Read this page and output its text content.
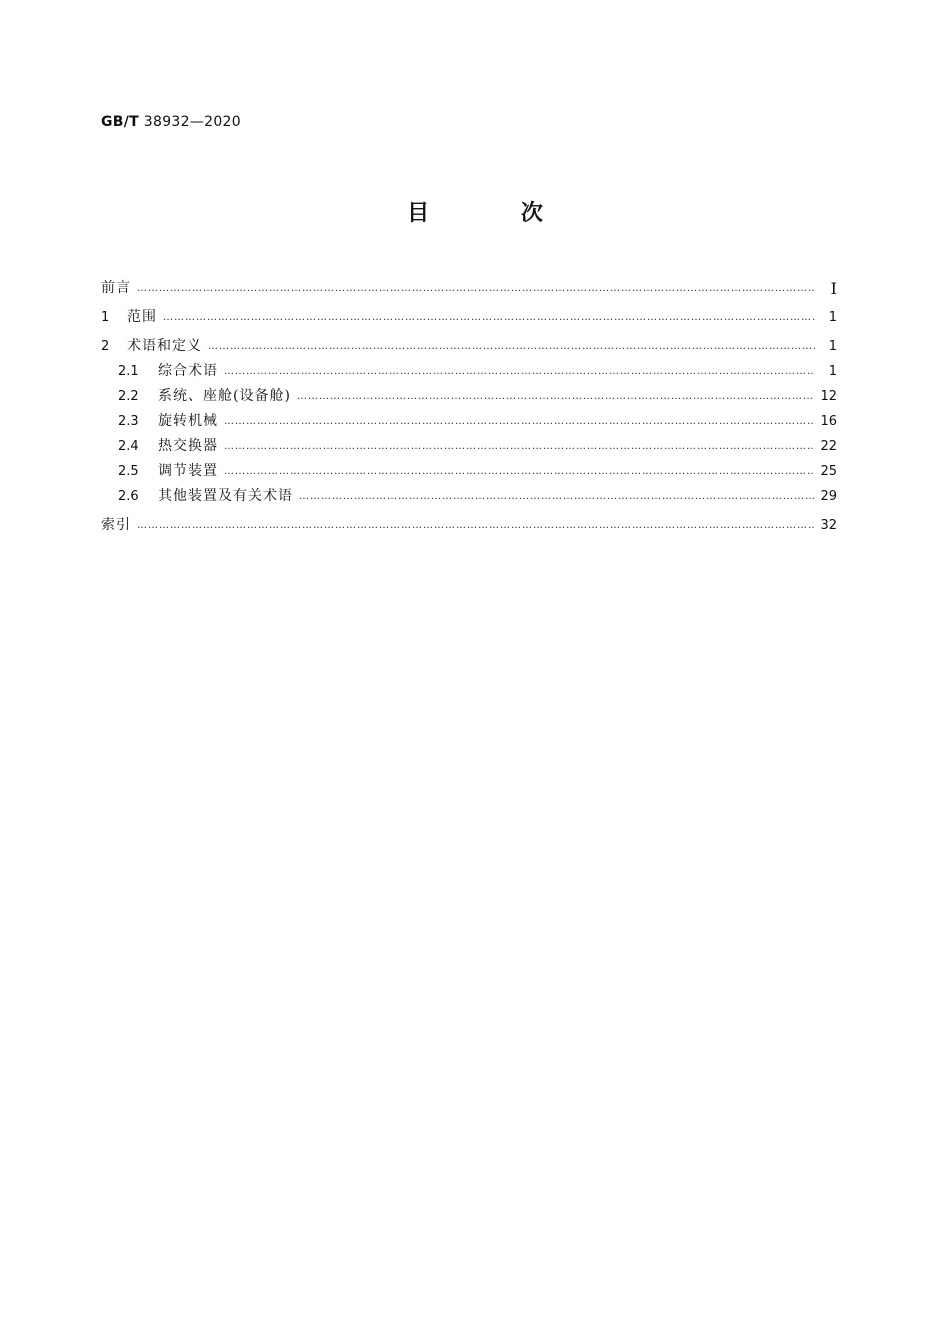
GB/T 38932—2020
目 次
前言 ………………………………………………………………………………………………………………………………………………………………………………………………………………………………	Ⅰ
1	范围 ………………………………………………………………………………………………………………………………………………………………………………………………………………………………	1
2	术语和定义 ………………………………………………………………………………………………………………………………………………………………………………………………………………………………	1
2.1	综合术语 ………………………………………………………………………………………………………………………………………………………………………………………………………………………………	1
2.2	系统、座舱(设备舱) ………………………………………………………………………………………………………………………………………………………………………………………………………………………………	12
2.3	旋转机械 ………………………………………………………………………………………………………………………………………………………………………………………………………………………………	16
2.4	热交换器 ………………………………………………………………………………………………………………………………………………………………………………………………………………………………	22
2.5	调节装置 ………………………………………………………………………………………………………………………………………………………………………………………………………………………………	25
2.6	其他装置及有关术语 ………………………………………………………………………………………………………………………………………………………………………………………………………………………………	29
索引 ………………………………………………………………………………………………………………………………………………………………………………………………………………………………	32
